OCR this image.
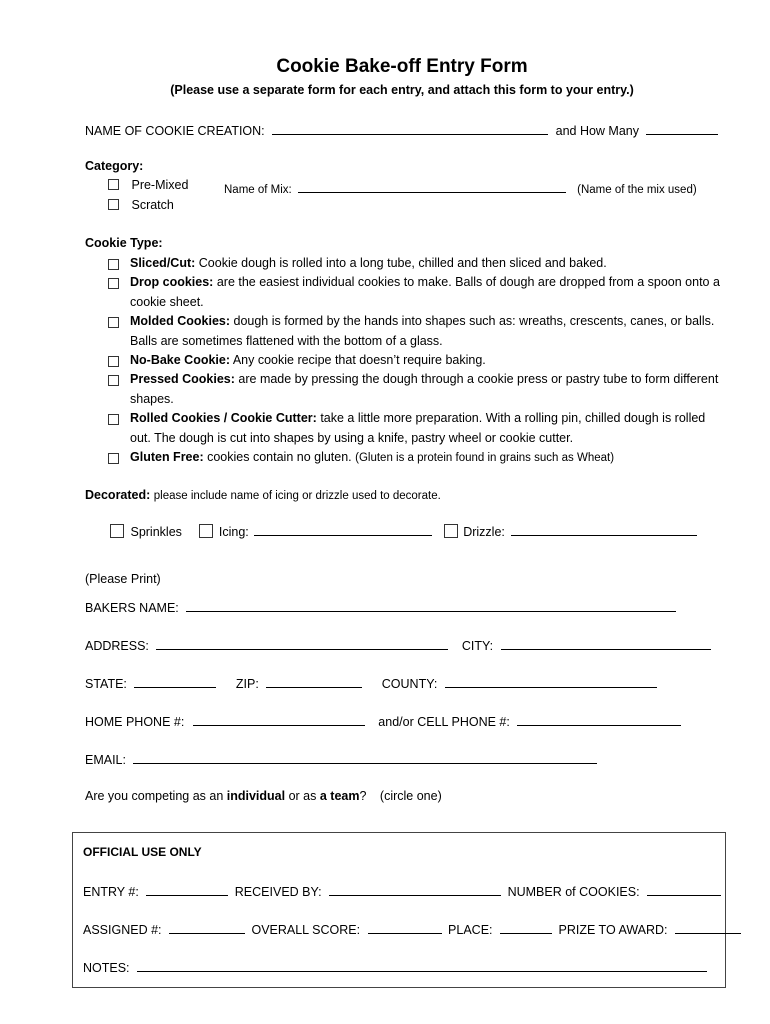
Cookie Bake-off Entry Form
(Please use a separate form for each entry, and attach this form to your entry.)
NAME OF COOKIE CREATION:	and How Many
Category:
Pre-Mixed	Name of Mix:	(Name of the mix used)
Scratch
Cookie Type:
Sliced/Cut: Cookie dough is rolled into a long tube, chilled and then sliced and baked.
Drop cookies: are the easiest individual cookies to make. Balls of dough are dropped from a spoon onto a cookie sheet.
Molded Cookies: dough is formed by the hands into shapes such as: wreaths, crescents, canes, or balls. Balls are sometimes flattened with the bottom of a glass.
No-Bake Cookie: Any cookie recipe that doesn’t require baking.
Pressed Cookies: are made by pressing the dough through a cookie press or pastry tube to form different shapes.
Rolled Cookies / Cookie Cutter: take a little more preparation. With a rolling pin, chilled dough is rolled out. The dough is cut into shapes by using a knife, pastry wheel or cookie cutter.
Gluten Free: cookies contain no gluten. (Gluten is a protein found in grains such as Wheat)
Decorated: please include name of icing or drizzle used to decorate.
Sprinkles	Icing:	Drizzle:
(Please Print)
BAKERS NAME:
ADDRESS:	CITY:
STATE:	ZIP:	COUNTY:
HOME PHONE #:	and/or CELL PHONE #:
EMAIL:
Are you competing as an individual or as a team? (circle one)
OFFICIAL USE ONLY
ENTRY #:	RECEIVED BY:	NUMBER of COOKIES:
ASSIGNED #:	OVERALL SCORE:	PLACE:	PRIZE TO AWARD:
NOTES:
